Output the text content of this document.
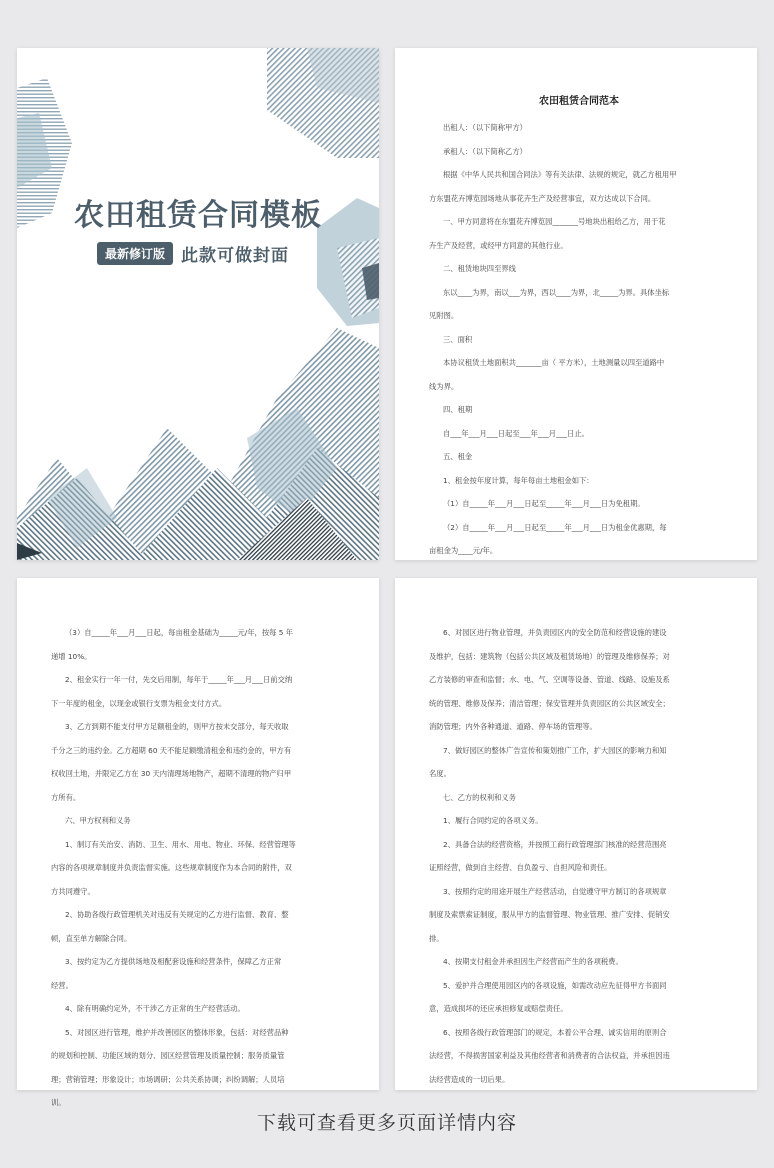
农田租赁合同模板
最新修订版 此款可做封面
农田租赁合同范本

出租人：（以下简称甲方）

承租人：（以下简称乙方）

根据《中华人民共和国合同法》等有关法律、法规的规定，就乙方租用甲

方东盟花卉博览园场地从事花卉生产及经营事宜，双方达成以下合同。

一、甲方同意将在东盟花卉博览园_______号地块出租给乙方，用于花

卉生产及经营，或经甲方同意的其他行业。

二、租赁地块四至界线

东以____为界，南以___为界，西以____为界，北_____为界。具体坐标

见附图。

三、面积

本协议租赁土地面积共_______亩（ 平方米），土地测量以四至道路中

线为界。

四、租期

自___年___月___日起至___年___月___日止。

五、租金

1、租金按年度计算，每年每亩土地租金如下：

（1）自_____年___月___日起至_____年___月___日为免租期。

（2）自_____年___月___日起至_____年___月___日为租金优惠期，每

亩租金为____元/年。

（3）自_____年___月___日起，每亩租金基础为_____元/年，按每 5 年

递增 10%。

2、租金实行一年一付，先交后用制，每年于_____年___月___日前交纳

下一年度的租金，以现金或银行支票为租金支付方式。

3、乙方到期不能支付甲方足额租金的，则甲方按未交部分，每天收取

千分之三的违约金。乙方超期 60 天不能足额缴清租金和违约金的，甲方有

权收回土地，并限定乙方在 30 天内清理场地物产，超期不清理的物产归甲

方所有。

六、甲方权利和义务

1、制订有关治安、消防、卫生、用水、用电、物业、环保、经营管理等

内容的各项规章制度并负责监督实施。这些规章制度作为本合同的附件，双

方共同遵守。

2、协助各级行政管理机关对违反有关规定的乙方进行监督、教育、整

顿，直至单方解除合同。

3、按约定为乙方提供场地及相配套设施和经营条件，保障乙方正常

经营。

4、除有明确约定外，不干涉乙方正常的生产经营活动。

5、对园区进行管理，维护并改善园区的整体形象，包括：对经营品种

的规划和控制、功能区域的划分、园区经营管理及质量控制；服务质量管

理；营销管理；形象设计；市场调研；公共关系协调；纠纷调解；人员培

训。

6、对园区进行物业管理，并负责园区内的安全防范和经营设施的建设

及维护，包括：建筑物（包括公共区域及租赁场地）的管理及维修保养；对

乙方装修的审查和监督；水、电、气、空调等设备、管道、线路、设施及系

统的管理、维修及保养；清洁管理；保安管理并负责园区的公共区域安全；

消防管理；内外各种通道、道路、停车场的管理等。

7、做好园区的整体广告宣传和策划推广工作，扩大园区的影响力和知

名度。

七、乙方的权利和义务

1、履行合同约定的各项义务。

2、具备合法的经营资格，并按照工商行政管理部门核准的经营范围亮

证照经营，做到自主经营、自负盈亏、自担风险和责任。

3、按照约定的用途开展生产经营活动，自觉遵守甲方制订的各项规章

制度及索票索证制度，服从甲方的监督管理、物业管理、推广安排、促销安

排。

4、按期支付租金并承担因生产经营而产生的各项税费。

5、爱护并合理使用园区内的各项设施，如需改动应先征得甲方书面同

意，造成损坏的还应承担修复或赔偿责任。

6、按照各级行政管理部门的规定，本着公平合理、诚实信用的原则合

法经营，不得损害国家利益及其他经营者和消费者的合法权益，并承担因违

法经营造成的一切后果。

下载可查看更多页面详情内容
